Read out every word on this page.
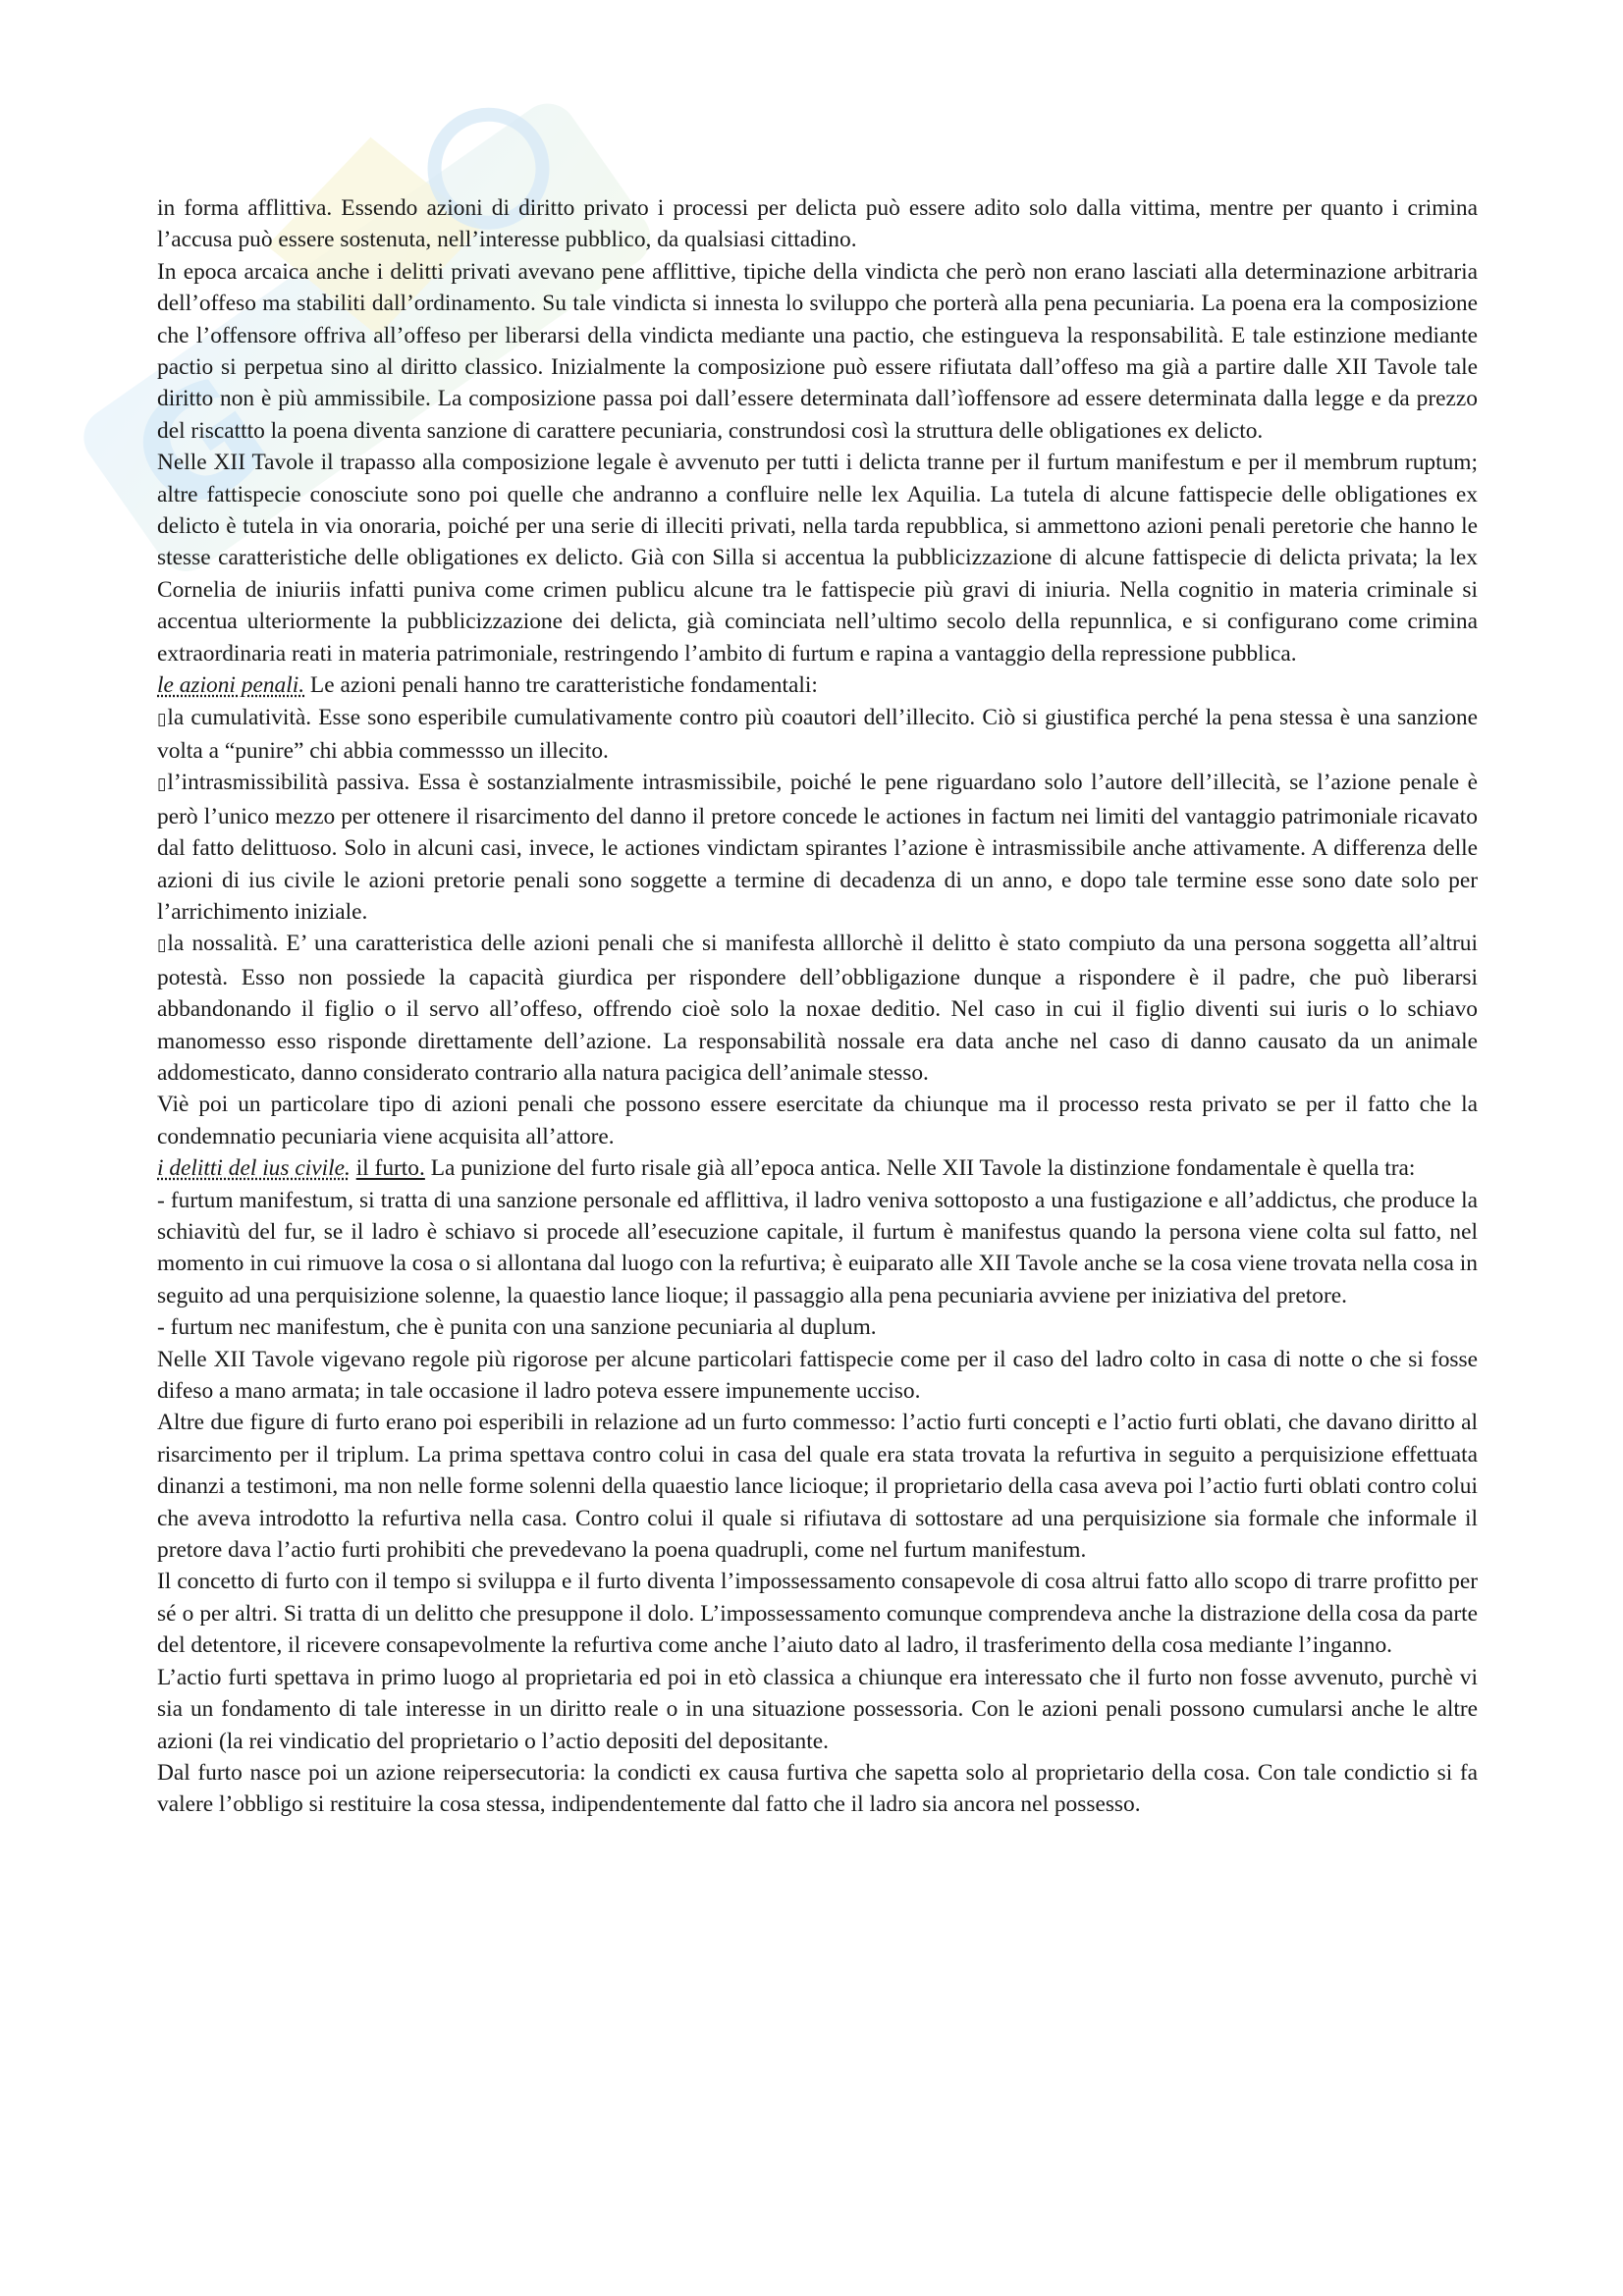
G

in forma afflittiva. Essendo azioni di diritto privato i processi per delicta può essere adito solo dalla vittima, mentre per quanto i crimina l’accusa può essere sostenuta, nell’interesse pubblico, da qualsiasi cittadino.

In epoca arcaica anche i delitti privati avevano pene afflittive, tipiche della vindicta che però non erano lasciati alla determinazione arbitraria dell’offeso ma stabiliti dall’ordinamento. Su tale vindicta si innesta lo sviluppo che porterà alla pena pecuniaria. La poena era la composizione che l’offensore offriva all’offeso per liberarsi della vindicta mediante una pactio, che estingueva la responsabilità. E tale estinzione mediante pactio si perpetua sino al diritto classico. Inizialmente la composizione può essere rifiutata dall’offeso ma già a partire dalle XII Tavole tale diritto non è più ammissibile. La composizione passa poi dall’essere determinata dall’ìoffensore ad essere determinata dalla legge e da prezzo del riscattto la poena diventa sanzione di carattere pecuniaria, construndosi così la struttura delle obligationes ex delicto.

Nelle XII Tavole il trapasso alla composizione legale è avvenuto per tutti i delicta tranne per il furtum manifestum e per il membrum ruptum; altre fattispecie conosciute sono poi quelle che andranno a confluire nelle lex Aquilia. La tutela di alcune fattispecie delle obligationes ex delicto è tutela in via onoraria, poiché per una serie di illeciti privati, nella tarda repubblica, si ammettono azioni penali peretorie che hanno le stesse caratteristiche delle obligationes ex delicto. Già con Silla si accentua la pubblicizzazione di alcune fattispecie di delicta privata; la lex Cornelia de iniuriis infatti puniva come crimen publicu alcune tra le fattispecie più gravi di iniuria. Nella cognitio in materia criminale si accentua ulteriormente la pubblicizzazione dei delicta, già cominciata nell’ultimo secolo della repunnlica, e si configurano come crimina extraordinaria reati in materia patrimoniale, restringendo l’ambito di furtum e rapina a vantaggio della repressione pubblica.

le azioni penali. Le azioni penali hanno tre caratteristiche fondamentali:

▯ la cumulatività. Esse sono esperibile cumulativamente contro più coautori dell’illecito. Ciò si giustifica perché la pena stessa è una sanzione volta a “punire” chi abbia commessso un illecito.

▯ l’intrasmissibilità passiva. Essa è sostanzialmente intrasmissibile, poiché le pene riguardano solo l’autore dell’illecità, se l’azione penale è però l’unico mezzo per ottenere il risarcimento del danno il pretore concede le actiones in factum nei limiti del vantaggio patrimoniale ricavato dal fatto delittuoso. Solo in alcuni casi, invece, le actiones vindictam spirantes l’azione è intrasmissibile anche attivamente. A differenza delle azioni di ius civile le azioni pretorie penali sono soggette a termine di decadenza di un anno, e dopo tale termine esse sono date solo per l’arrichimento iniziale.

▯ la nossalità. E’ una caratteristica delle azioni penali che si manifesta alllorchè il delitto è stato compiuto da una persona soggetta all’altrui potestà. Esso non possiede la capacità giurdica per rispondere dell’obbligazione dunque a rispondere è il padre, che può liberarsi abbandonando il figlio o il servo all’offeso, offrendo cioè solo la noxae deditio. Nel caso in cui il figlio diventi sui iuris o lo schiavo manomesso esso risponde direttamente dell’azione. La responsabilità nossale era data anche nel caso di danno causato da un animale addomesticato, danno considerato contrario alla natura pacigica dell’animale stesso.

Viè poi un particolare tipo di azioni penali che possono essere esercitate da chiunque ma il processo resta privato se per il fatto che la condemnatio pecuniaria viene acquisita all’attore.

i delitti del ius civile. il furto. La punizione del furto risale già all’epoca antica. Nelle XII Tavole la distinzione fondamentale è quella tra:

- furtum manifestum, si tratta di una sanzione personale ed afflittiva, il ladro veniva sottoposto a una fustigazione e all’addictus, che produce la schiavitù del fur, se il ladro è schiavo si procede all’esecuzione capitale, il furtum è manifestus quando la persona viene colta sul fatto, nel momento in cui rimuove la cosa o si allontana dal luogo con la refurtiva; è euiparato alle XII Tavole anche se la cosa viene trovata nella cosa in seguito ad una perquisizione solenne, la quaestio lance lioque; il passaggio alla pena pecuniaria avviene per iniziativa del pretore.

- furtum nec manifestum, che è punita con una sanzione pecuniaria al duplum.

Nelle XII Tavole vigevano regole più rigorose per alcune particolari fattispecie come per il caso del ladro colto in casa di notte o che si fosse difeso a mano armata; in tale occasione il ladro poteva essere impunemente ucciso.

Altre due figure di furto erano poi esperibili in relazione ad un furto commesso: l’actio furti concepti e l’actio furti oblati, che davano diritto al risarcimento per il triplum. La prima spettava contro colui in casa del quale era stata trovata la refurtiva in seguito a perquisizione effettuata dinanzi a testimoni, ma non nelle forme solenni della quaestio lance licioque; il proprietario della casa aveva poi l’actio furti oblati contro colui che aveva introdotto la refurtiva nella casa. Contro colui il quale si rifiutava di sottostare ad una perquisizione sia formale che informale il pretore dava l’actio furti prohibiti che prevedevano la poena quadrupli, come nel furtum manifestum.

Il concetto di furto con il tempo si sviluppa e il furto diventa l’impossessamento consapevole di cosa altrui fatto allo scopo di trarre profitto per sé o per altri. Si tratta di un delitto che presuppone il dolo. L’impossessamento comunque comprendeva anche la distrazione della cosa da parte del detentore, il ricevere consapevolmente la refurtiva come anche l’aiuto dato al ladro, il trasferimento della cosa mediante l’inganno.

L’actio furti spettava in primo luogo al proprietaria ed poi in etò classica a chiunque era interessato che il furto non fosse avvenuto, purchè vi sia un fondamento di tale interesse in un diritto reale o in una situazione possessoria. Con le azioni penali possono cumularsi anche le altre azioni (la rei vindicatio del proprietario o l’actio depositi del depositante.

Dal furto nasce poi un azione reipersecutoria: la condicti ex causa furtiva che sapetta solo al proprietario della cosa. Con tale condictio si fa valere l’obbligo si restituire la cosa stessa, indipendentemente dal fatto che il ladro sia ancora nel possesso.
